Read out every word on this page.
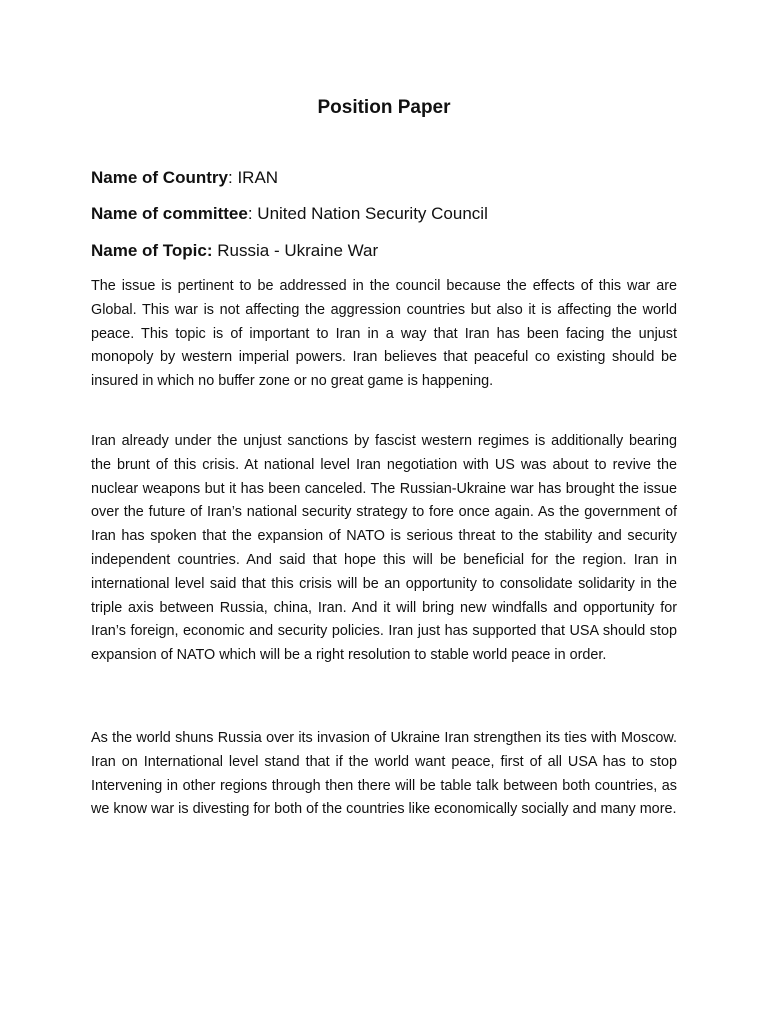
Position Paper
Name of Country: IRAN
Name of committee: United Nation Security Council
Name of Topic: Russia - Ukraine War

The issue is pertinent to be addressed in the council because the effects of this war are Global. This war is not affecting the aggression countries but also it is affecting the world peace. This topic is of important to Iran in a way that Iran has been facing the unjust monopoly by western imperial powers. Iran believes that peaceful co existing should be insured in which no buffer zone or no great game is happening.

Iran already under the unjust sanctions by fascist western regimes is additionally bearing the brunt of this crisis. At national level Iran negotiation with US was about to revive the nuclear weapons but it has been canceled. The Russian-Ukraine war has brought the issue over the future of Iran’s national security strategy to fore once again. As the government of Iran has spoken that the expansion of NATO is serious threat to the stability and security independent countries. And said that hope this will be beneficial for the region. Iran in international level said that this crisis will be an opportunity to consolidate solidarity in the triple axis between Russia, china, Iran. And it will bring new windfalls and opportunity for Iran’s foreign, economic and security policies. Iran just has supported that USA should stop expansion of NATO which will be a right resolution to stable world peace in order.

As the world shuns Russia over its invasion of Ukraine Iran strengthen its ties with Moscow. Iran on International level stand that if the world want peace, first of all USA has to stop Intervening in other regions through then there will be table talk between both countries, as we know war is divesting for both of the countries like economically socially and many more.
